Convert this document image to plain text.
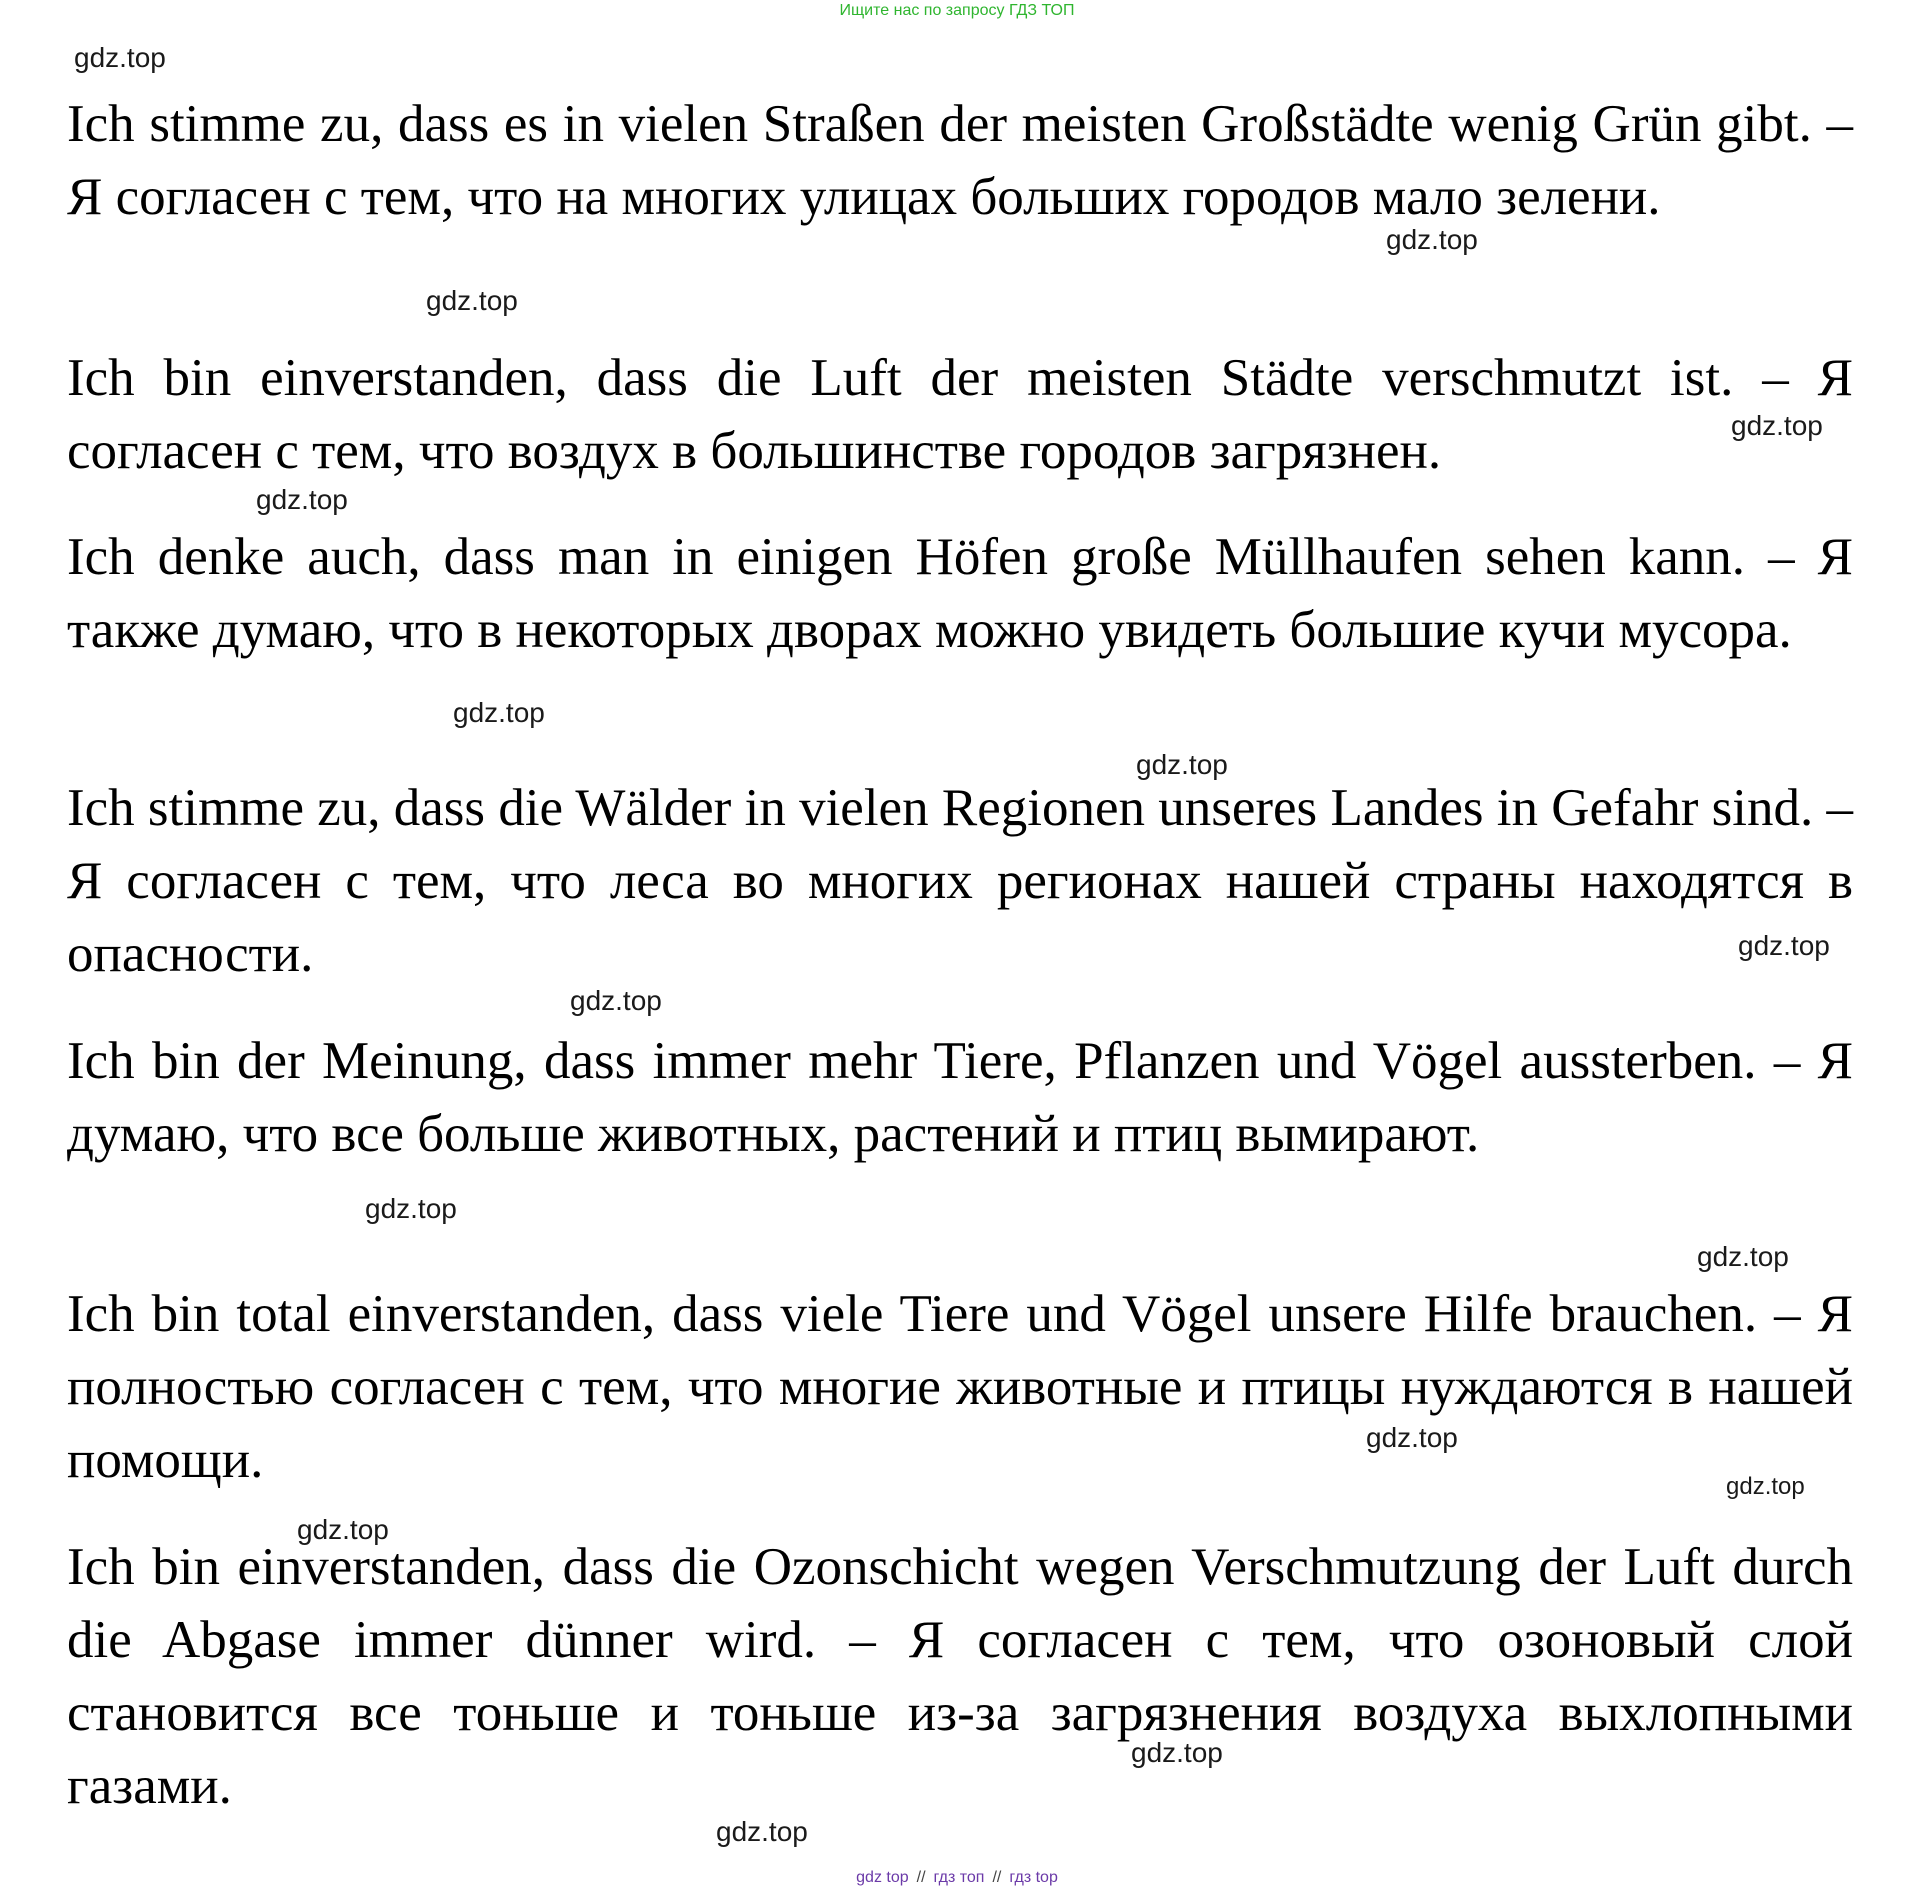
Ищите нас по запросу ГДЗ ТОП

Ich stimme zu, dass es in vielen Straßen der meisten Großstädte wenig Grün gibt. – Я согласен с тем, что на многих улицах больших городов мало зелени.

Ich bin einverstanden, dass die Luft der meisten Städte verschmutzt ist. – Я согласен с тем, что воздух в большинстве городов загрязнен.

Ich denke auch, dass man in einigen Höfen große Müllhaufen sehen kann. – Я также думаю, что в некоторых дворах можно увидеть большие кучи мусора.

Ich stimme zu, dass die Wälder in vielen Regionen unseres Landes in Gefahr sind. – Я согласен с тем, что леса во многих регионах нашей страны находятся в опасности.

Ich bin der Meinung, dass immer mehr Tiere, Pflanzen und Vögel aussterben. – Я думаю, что все больше животных, растений и птиц вымирают.

Ich bin total einverstanden, dass viele Tiere und Vögel unsere Hilfe brauchen. – Я полностью согласен с тем, что многие животные и птицы нуждаются в нашей помощи.

Ich bin einverstanden, dass die Ozonschicht wegen Verschmutzung der Luft durch die Abgase immer dünner wird. – Я согласен с тем, что озоновый слой становится все тоньше и тоньше из-за загрязнения воздуха выхлопными газами.

gdz.top
gdz.top
gdz.top
gdz.top
gdz.top
gdz.top
gdz.top
gdz.top
gdz.top
gdz.top
gdz.top
gdz.top
gdz.top
gdz.top
gdz.top
gdz.top
gdz top // гдз топ // гдз top
